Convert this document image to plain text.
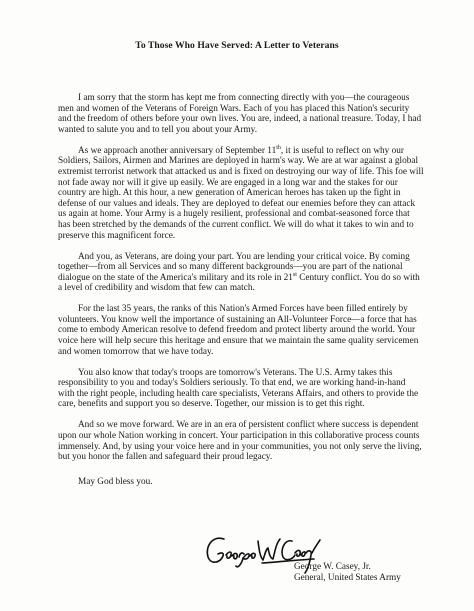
To Those Who Have Served: A Letter to Veterans

I am sorry that the storm has kept me from connecting directly with you—the courageous men and women of the Veterans of Foreign Wars. Each of you has placed this Nation's security and the freedom of others before your own lives. You are, indeed, a national treasure. Today, I had wanted to salute you and to tell you about your Army.

As we approach another anniversary of September 11th, it is useful to reflect on why our Soldiers, Sailors, Airmen and Marines are deployed in harm's way. We are at war against a global extremist terrorist network that attacked us and is fixed on destroying our way of life. This foe will not fade away nor will it give up easily. We are engaged in a long war and the stakes for our country are high. At this hour, a new generation of American heroes has taken up the fight in defense of our values and ideals. They are deployed to defeat our enemies before they can attack us again at home. Your Army is a hugely resilient, professional and combat-seasoned force that has been stretched by the demands of the current conflict. We will do what it takes to win and to preserve this magnificent force.

And you, as Veterans, are doing your part. You are lending your critical voice. By coming together—from all Services and so many different backgrounds—you are part of the national dialogue on the state of the America's military and its role in 21st Century conflict. You do so with a level of credibility and wisdom that few can match.

For the last 35 years, the ranks of this Nation's Armed Forces have been filled entirely by volunteers. You know well the importance of sustaining an All-Volunteer Force—a force that has come to embody American resolve to defend freedom and protect liberty around the world. Your voice here will help secure this heritage and ensure that we maintain the same quality servicemen and women tomorrow that we have today.

You also know that today's troops are tomorrow's Veterans. The U.S. Army takes this responsibility to you and today's Soldiers seriously. To that end, we are working hand-in-hand with the right people, including health care specialists, Veterans Affairs, and others to provide the care, benefits and support you so deserve. Together, our mission is to get this right.

And so we move forward. We are in an era of persistent conflict where success is dependent upon our whole Nation working in concert. Your participation in this collaborative process counts immensely. And, by using your voice here and in your communities, you not only serve the living, but you honor the fallen and safeguard their proud legacy.

May God bless you.

George W. Casey, Jr.
General, United States Army
